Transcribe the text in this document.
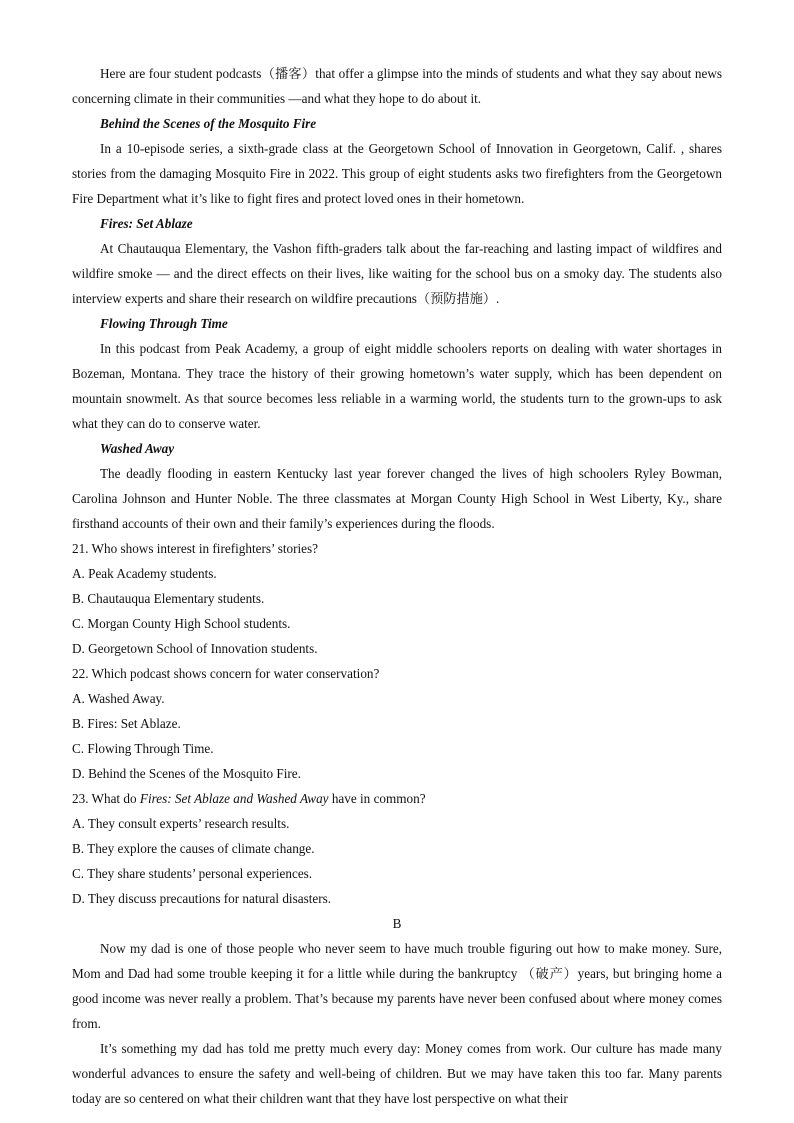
Here are four student podcasts（播客）that offer a glimpse into the minds of students and what they say about news concerning climate in their communities —and what they hope to do about it.

Behind the Scenes of the Mosquito Fire

In a 10-episode series, a sixth-grade class at the Georgetown School of Innovation in Georgetown, Calif. , shares stories from the damaging Mosquito Fire in 2022. This group of eight students asks two firefighters from the Georgetown Fire Department what it’s like to fight fires and protect loved ones in their hometown.

Fires: Set Ablaze

At Chautauqua Elementary, the Vashon fifth-graders talk about the far-reaching and lasting impact of wildfires and wildfire smoke — and the direct effects on their lives, like waiting for the school bus on a smoky day. The students also interview experts and share their research on wildfire precautions（预防措施）.

Flowing Through Time

In this podcast from Peak Academy, a group of eight middle schoolers reports on dealing with water shortages in Bozeman, Montana. They trace the history of their growing hometown’s water supply, which has been dependent on mountain snowmelt. As that source becomes less reliable in a warming world, the students turn to the grown-ups to ask what they can do to conserve water.

Washed Away

The deadly flooding in eastern Kentucky last year forever changed the lives of high schoolers Ryley Bowman, Carolina Johnson and Hunter Noble. The three classmates at Morgan County High School in West Liberty, Ky., share firsthand accounts of their own and their family’s experiences during the floods.

21. Who shows interest in firefighters’ stories?

A. Peak Academy students.
B. Chautauqua Elementary students.
C. Morgan County High School students.
D. Georgetown School of Innovation students.

22. Which podcast shows concern for water conservation?

A. Washed Away.
B. Fires: Set Ablaze.
C. Flowing Through Time.
D. Behind the Scenes of the Mosquito Fire.

23. What do Fires: Set Ablaze and Washed Away have in common?

A. They consult experts’ research results.
B. They explore the causes of climate change.
C. They share students’ personal experiences.
D. They discuss precautions for natural disasters.

B

Now my dad is one of those people who never seem to have much trouble figuring out how to make money. Sure, Mom and Dad had some trouble keeping it for a little while during the bankruptcy （破产）years, but bringing home a good income was never really a problem. That’s because my parents have never been confused about where money comes from.

It’s something my dad has told me pretty much every day: Money comes from work. Our culture has made many wonderful advances to ensure the safety and well-being of children. But we may have taken this too far. Many parents today are so centered on what their children want that they have lost perspective on what their
